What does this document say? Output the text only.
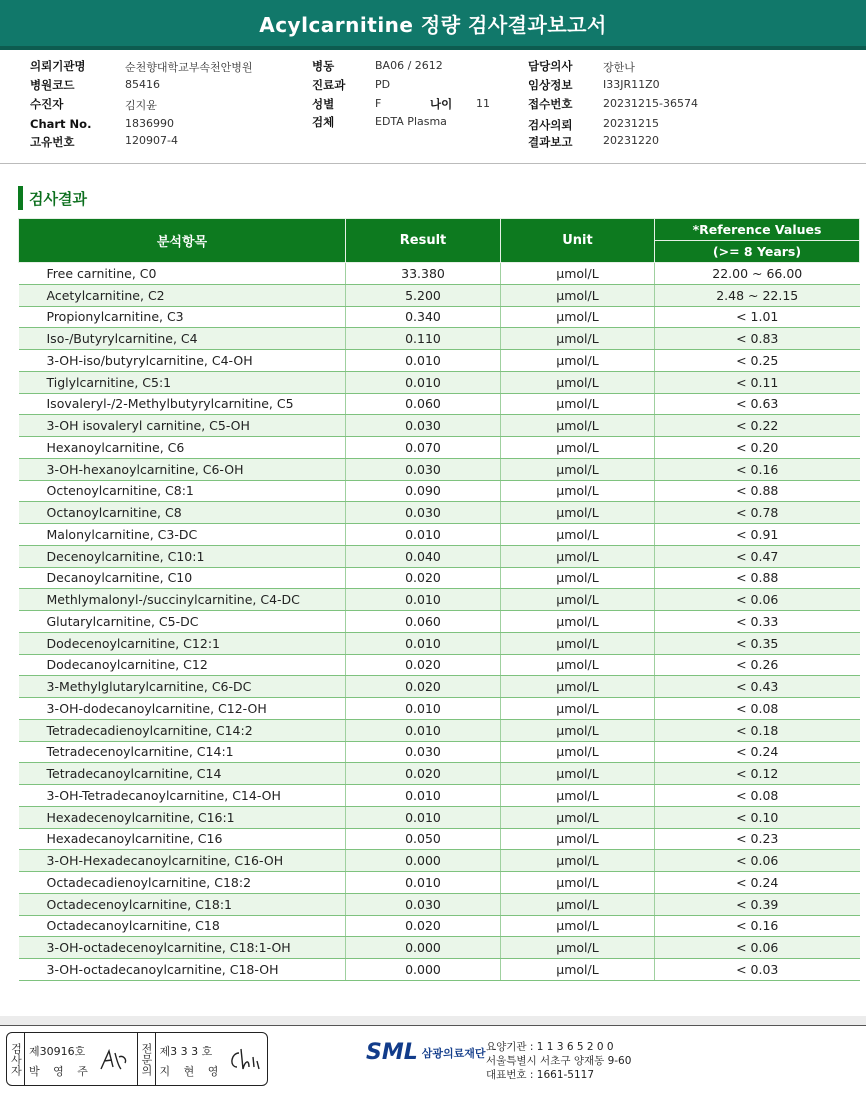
Acylcarnitine 정량 검사결과보고서
의뢰기관명	순천향대학교부속천안병원
병원코드	85416
수진자	김지윤
Chart No.	1836990
고유번호	120907-4
병동	BA06 / 2612
진료과	PD
성별	F	나이 11
검체	EDTA Plasma
담당의사	장한나
임상정보	I33JR11Z0
접수번호	20231215-36574
검사의뢰	20231215
결과보고	20231220
검사결과
분석항목	Result	Unit	*Reference Values
			(>= 8 Years)
Free carnitine, C0	33.380	μmol/L	22.00 ~ 66.00
Acetylcarnitine, C2	5.200	μmol/L	2.48 ~ 22.15
Propionylcarnitine, C3	0.340	μmol/L	< 1.01
Iso-/Butyrylcarnitine, C4	0.110	μmol/L	< 0.83
3-OH-iso/butyrylcarnitine, C4-OH	0.010	μmol/L	< 0.25
Tiglylcarnitine, C5:1	0.010	μmol/L	< 0.11
Isovaleryl-/2-Methylbutyrylcarnitine, C5	0.060	μmol/L	< 0.63
3-OH isovaleryl carnitine, C5-OH	0.030	μmol/L	< 0.22
Hexanoylcarnitine, C6	0.070	μmol/L	< 0.20
3-OH-hexanoylcarnitine, C6-OH	0.030	μmol/L	< 0.16
Octenoylcarnitine, C8:1	0.090	μmol/L	< 0.88
Octanoylcarnitine, C8	0.030	μmol/L	< 0.78
Malonylcarnitine, C3-DC	0.010	μmol/L	< 0.91
Decenoylcarnitine, C10:1	0.040	μmol/L	< 0.47
Decanoylcarnitine, C10	0.020	μmol/L	< 0.88
Methlymalonyl-/succinylcarnitine, C4-DC	0.010	μmol/L	< 0.06
Glutarylcarnitine, C5-DC	0.060	μmol/L	< 0.33
Dodecenoylcarnitine, C12:1	0.010	μmol/L	< 0.35
Dodecanoylcarnitine, C12	0.020	μmol/L	< 0.26
3-Methylglutarylcarnitine, C6-DC	0.020	μmol/L	< 0.43
3-OH-dodecanoylcarnitine, C12-OH	0.010	μmol/L	< 0.08
Tetradecadienoylcarnitine, C14:2	0.010	μmol/L	< 0.18
Tetradecenoylcarnitine, C14:1	0.030	μmol/L	< 0.24
Tetradecanoylcarnitine, C14	0.020	μmol/L	< 0.12
3-OH-Tetradecanoylcarnitine, C14-OH	0.010	μmol/L	< 0.08
Hexadecenoylcarnitine, C16:1	0.010	μmol/L	< 0.10
Hexadecanoylcarnitine, C16	0.050	μmol/L	< 0.23
3-OH-Hexadecanoylcarnitine, C16-OH	0.000	μmol/L	< 0.06
Octadecadienoylcarnitine, C18:2	0.010	μmol/L	< 0.24
Octadecenoylcarnitine, C18:1	0.030	μmol/L	< 0.39
Octadecanoylcarnitine, C18	0.020	μmol/L	< 0.16
3-OH-octadecenoylcarnitine, C18:1-OH	0.000	μmol/L	< 0.06
3-OH-octadecanoylcarnitine, C18-OH	0.000	μmol/L	< 0.03
검사자 제30916호
박 영 주	전문의 제3 3 3 호
지 현 영
SML 삼광의료재단 요양기관 : 1 1 3 6 5 2 0 0
서울특별시 서초구 양재동 9-60
대표번호 : 1661-5117
